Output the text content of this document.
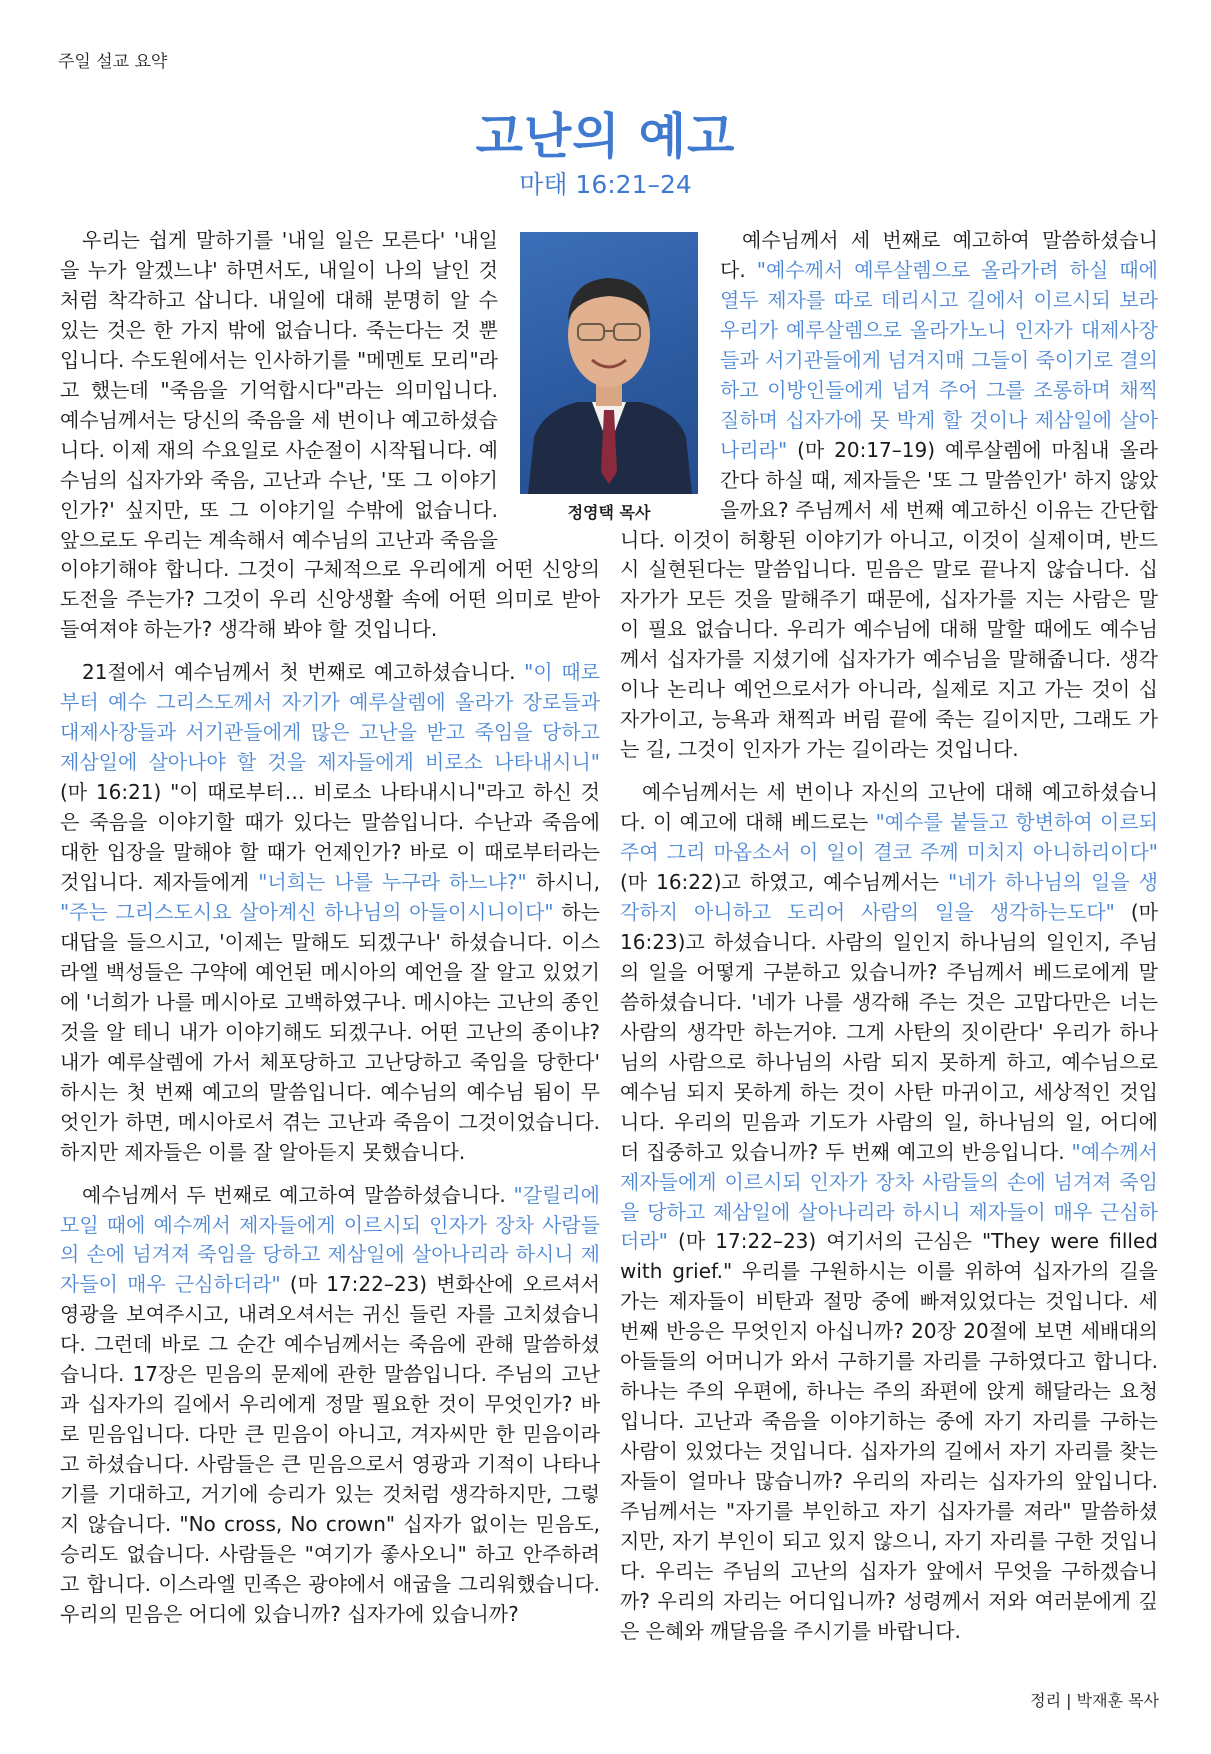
주일 설교 요약
고난의 예고
마태 16:21–24
정영택 목사

우리는 쉽게 말하기를 '내일 일은 모른다' '내일을 누가 알겠느냐' 하면서도, 내일이 나의 날인 것처럼 착각하고 삽니다. 내일에 대해 분명히 알 수 있는 것은 한 가지 밖에 없습니다. 죽는다는 것 뿐입니다. 수도원에서는 인사하기를 "메멘토 모리"라고 했는데 "죽음을 기억합시다"라는 의미입니다. 예수님께서는 당신의 죽음을 세 번이나 예고하셨습니다. 이제 재의 수요일로 사순절이 시작됩니다. 예수님의 십자가와 죽음, 고난과 수난, '또 그 이야기인가?' 싶지만, 또 그 이야기일 수밖에 없습니다. 앞으로도 우리는 계속해서 예수님의 고난과 죽음을 이야기해야 합니다. 그것이 구체적으로 우리에게 어떤 신앙의 도전을 주는가? 그것이 우리 신앙생활 속에 어떤 의미로 받아들여져야 하는가? 생각해 봐야 할 것입니다.

21절에서 예수님께서 첫 번째로 예고하셨습니다. "이 때로부터 예수 그리스도께서 자기가 예루살렘에 올라가 장로들과 대제사장들과 서기관들에게 많은 고난을 받고 죽임을 당하고 제삼일에 살아나야 할 것을 제자들에게 비로소 나타내시니" (마 16:21) "이 때로부터… 비로소 나타내시니"라고 하신 것은 죽음을 이야기할 때가 있다는 말씀입니다. 수난과 죽음에 대한 입장을 말해야 할 때가 언제인가? 바로 이 때로부터라는 것입니다. 제자들에게 "너희는 나를 누구라 하느냐?" 하시니, "주는 그리스도시요 살아계신 하나님의 아들이시니이다" 하는 대답을 들으시고, '이제는 말해도 되겠구나' 하셨습니다. 이스라엘 백성들은 구약에 예언된 메시아의 예언을 잘 알고 있었기에 '너희가 나를 메시아로 고백하였구나. 메시야는 고난의 종인 것을 알 테니 내가 이야기해도 되겠구나. 어떤 고난의 종이냐? 내가 예루살렘에 가서 체포당하고 고난당하고 죽임을 당한다' 하시는 첫 번째 예고의 말씀입니다. 예수님의 예수님 됨이 무엇인가 하면, 메시아로서 겪는 고난과 죽음이 그것이었습니다. 하지만 제자들은 이를 잘 알아듣지 못했습니다.

예수님께서 두 번째로 예고하여 말씀하셨습니다. "갈릴리에 모일 때에 예수께서 제자들에게 이르시되 인자가 장차 사람들의 손에 넘겨져 죽임을 당하고 제삼일에 살아나리라 하시니 제자들이 매우 근심하더라" (마 17:22–23) 변화산에 오르셔서 영광을 보여주시고, 내려오셔서는 귀신 들린 자를 고치셨습니다. 그런데 바로 그 순간 예수님께서는 죽음에 관해 말씀하셨습니다. 17장은 믿음의 문제에 관한 말씀입니다. 주님의 고난과 십자가의 길에서 우리에게 정말 필요한 것이 무엇인가? 바로 믿음입니다. 다만 큰 믿음이 아니고, 겨자씨만 한 믿음이라고 하셨습니다. 사람들은 큰 믿음으로서 영광과 기적이 나타나기를 기대하고, 거기에 승리가 있는 것처럼 생각하지만, 그렇지 않습니다. "No cross, No crown" 십자가 없이는 믿음도, 승리도 없습니다. 사람들은 "여기가 좋사오니" 하고 안주하려고 합니다. 이스라엘 민족은 광야에서 애굽을 그리워했습니다. 우리의 믿음은 어디에 있습니까? 십자가에 있습니까?

예수님께서 세 번째로 예고하여 말씀하셨습니다. "예수께서 예루살렘으로 올라가려 하실 때에 열두 제자를 따로 데리시고 길에서 이르시되 보라 우리가 예루살렘으로 올라가노니 인자가 대제사장들과 서기관들에게 넘겨지매 그들이 죽이기로 결의하고 이방인들에게 넘겨 주어 그를 조롱하며 채찍질하며 십자가에 못 박게 할 것이나 제삼일에 살아나리라" (마 20:17–19) 예루살렘에 마침내 올라간다 하실 때, 제자들은 '또 그 말씀인가' 하지 않았을까요? 주님께서 세 번째 예고하신 이유는 간단합니다. 이것이 허황된 이야기가 아니고, 이것이 실제이며, 반드시 실현된다는 말씀입니다. 믿음은 말로 끝나지 않습니다. 십자가가 모든 것을 말해주기 때문에, 십자가를 지는 사람은 말이 필요 없습니다. 우리가 예수님에 대해 말할 때에도 예수님께서 십자가를 지셨기에 십자가가 예수님을 말해줍니다. 생각이나 논리나 예언으로서가 아니라, 실제로 지고 가는 것이 십자가이고, 능욕과 채찍과 버림 끝에 죽는 길이지만, 그래도 가는 길, 그것이 인자가 가는 길이라는 것입니다.

예수님께서는 세 번이나 자신의 고난에 대해 예고하셨습니다. 이 예고에 대해 베드로는 "예수를 붙들고 항변하여 이르되 주여 그리 마옵소서 이 일이 결코 주께 미치지 아니하리이다" (마 16:22)고 하였고, 예수님께서는 "네가 하나님의 일을 생각하지 아니하고 도리어 사람의 일을 생각하는도다" (마 16:23)고 하셨습니다. 사람의 일인지 하나님의 일인지, 주님의 일을 어떻게 구분하고 있습니까? 주님께서 베드로에게 말씀하셨습니다. '네가 나를 생각해 주는 것은 고맙다만은 너는 사람의 생각만 하는거야. 그게 사탄의 짓이란다' 우리가 하나님의 사람으로 하나님의 사람 되지 못하게 하고, 예수님으로 예수님 되지 못하게 하는 것이 사탄 마귀이고, 세상적인 것입니다. 우리의 믿음과 기도가 사람의 일, 하나님의 일, 어디에 더 집중하고 있습니까? 두 번째 예고의 반응입니다. "예수께서 제자들에게 이르시되 인자가 장차 사람들의 손에 넘겨져 죽임을 당하고 제삼일에 살아나리라 하시니 제자들이 매우 근심하더라" (마 17:22–23) 여기서의 근심은 "They were filled with grief." 우리를 구원하시는 이를 위하여 십자가의 길을 가는 제자들이 비탄과 절망 중에 빠져있었다는 것입니다. 세 번째 반응은 무엇인지 아십니까? 20장 20절에 보면 세배대의 아들들의 어머니가 와서 구하기를 자리를 구하였다고 합니다. 하나는 주의 우편에, 하나는 주의 좌편에 앉게 해달라는 요청입니다. 고난과 죽음을 이야기하는 중에 자기 자리를 구하는 사람이 있었다는 것입니다. 십자가의 길에서 자기 자리를 찾는 자들이 얼마나 많습니까? 우리의 자리는 십자가의 앞입니다. 주님께서는 "자기를 부인하고 자기 십자가를 져라" 말씀하셨지만, 자기 부인이 되고 있지 않으니, 자기 자리를 구한 것입니다. 우리는 주님의 고난의 십자가 앞에서 무엇을 구하겠습니까? 우리의 자리는 어디입니까? 성령께서 저와 여러분에게 깊은 은혜와 깨달음을 주시기를 바랍니다.

정리 | 박재훈 목사
